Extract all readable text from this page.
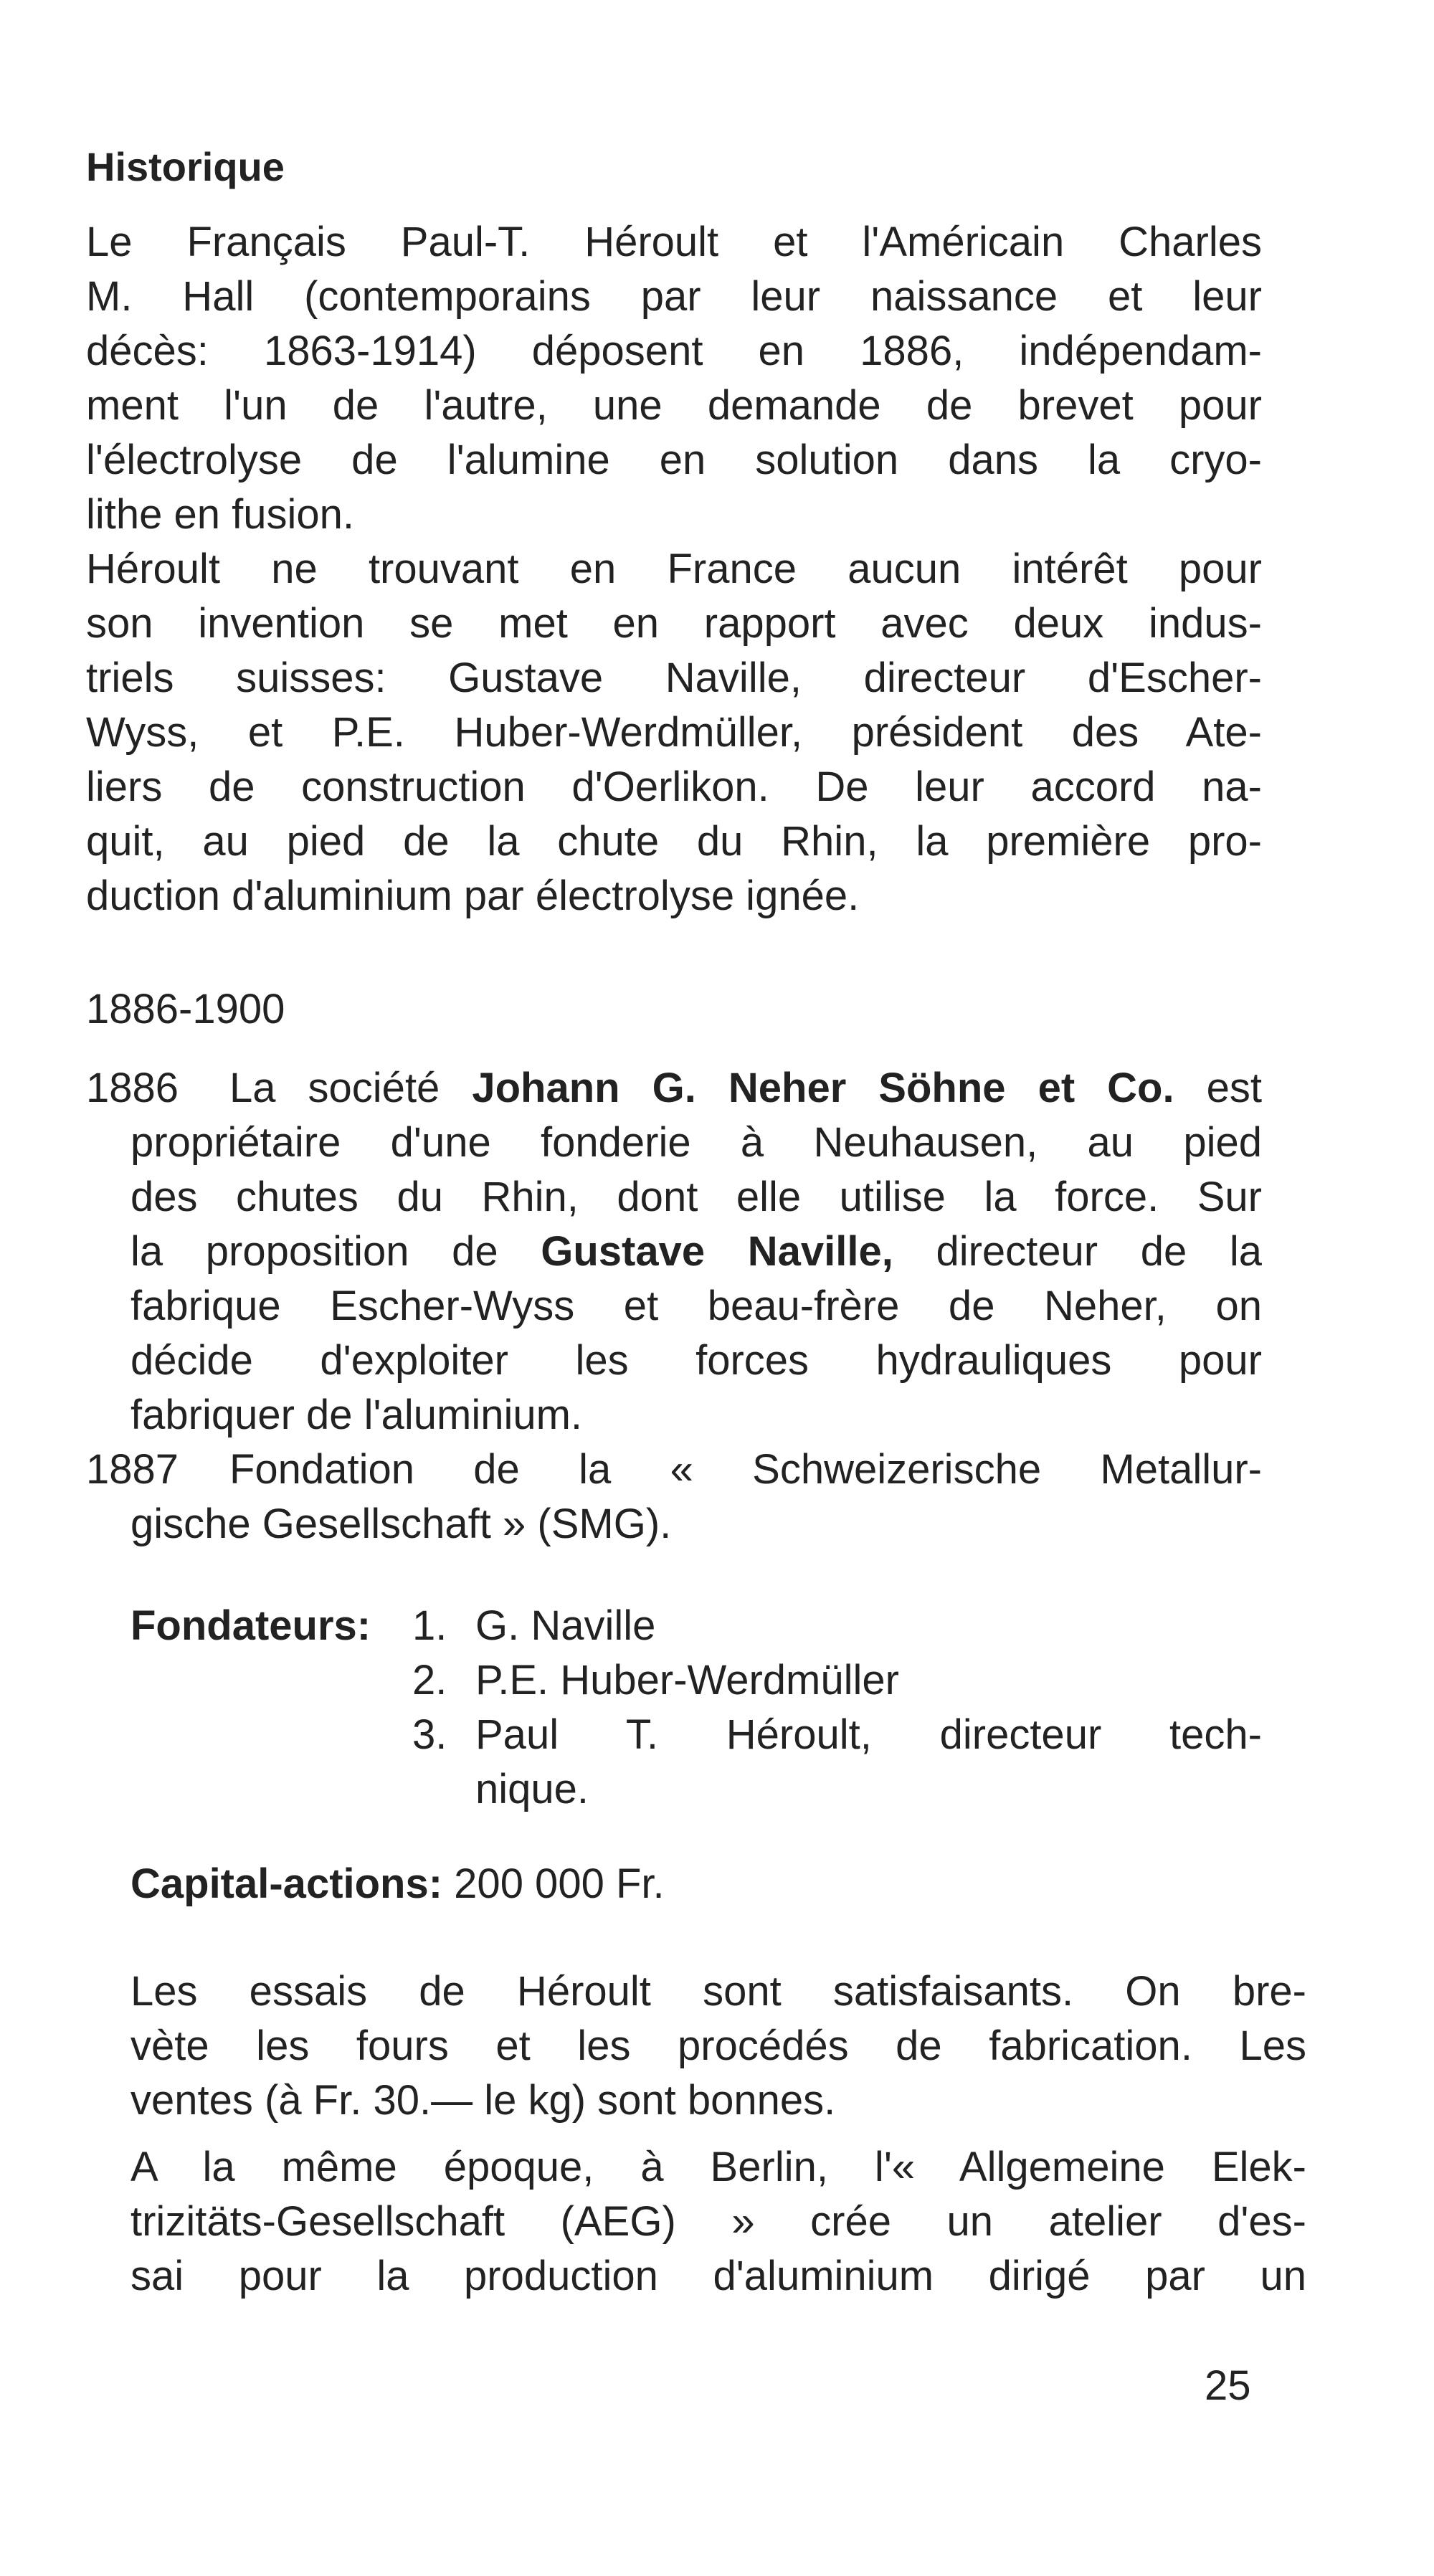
Historique
Le Français Paul-T. Héroult et l'Américain Charles
M. Hall (contemporains par leur naissance et leur
décès: 1863-1914) déposent en 1886, indépendam-
ment l'un de l'autre, une demande de brevet pour
l'électrolyse de l'alumine en solution dans la cryo-
lithe en fusion.
Héroult ne trouvant en France aucun intérêt pour
son invention se met en rapport avec deux indus-
triels suisses: Gustave Naville, directeur d'Escher-
Wyss, et P.E. Huber-Werdmüller, président des Ate-
liers de construction d'Oerlikon. De leur accord na-
quit, au pied de la chute du Rhin, la première pro-
duction d'aluminium par électrolyse ignée.
1886-1900
1886 La société Johann G. Neher Söhne et Co. est
propriétaire d'une fonderie à Neuhausen, au pied
des chutes du Rhin, dont elle utilise la force. Sur
la proposition de Gustave Naville, directeur de la
fabrique Escher-Wyss et beau-frère de Neher, on
décide d'exploiter les forces hydrauliques pour
fabriquer de l'aluminium.
1887 Fondation de la « Schweizerische Metallur-
gische Gesellschaft » (SMG).
Fondateurs: 1. G. Naville
2. P.E. Huber-Werdmüller
3. Paul T. Héroult, directeur tech-
nique.
Capital-actions: 200 000 Fr.
Les essais de Héroult sont satisfaisants. On bre-
vète les fours et les procédés de fabrication. Les
ventes (à Fr. 30.— le kg) sont bonnes.
A la même époque, à Berlin, l'« Allgemeine Elek-
trizitäts-Gesellschaft (AEG) » crée un atelier d'es-
sai pour la production d'aluminium dirigé par un
25
